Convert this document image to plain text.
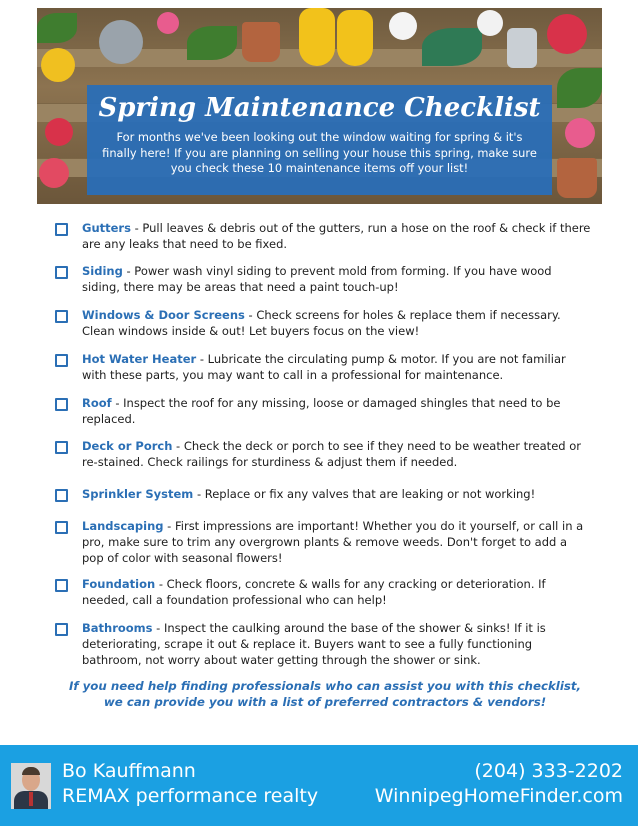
Spring Maintenance Checklist
For months we've been looking out the window waiting for spring & it's finally here! If you are planning on selling your house this spring, make sure you check these 10 maintenance items off your list!
Gutters - Pull leaves & debris out of the gutters, run a hose on the roof & check if there are any leaks that need to be fixed.
Siding - Power wash vinyl siding to prevent mold from forming. If you have wood siding, there may be areas that need a paint touch-up!
Windows & Door Screens - Check screens for holes & replace them if necessary. Clean windows inside & out! Let buyers focus on the view!
Hot Water Heater - Lubricate the circulating pump & motor. If you are not familiar with these parts, you may want to call in a professional for maintenance.
Roof - Inspect the roof for any missing, loose or damaged shingles that need to be replaced.
Deck or Porch - Check the deck or porch to see if they need to be weather treated or re-stained. Check railings for sturdiness & adjust them if needed.
Sprinkler System - Replace or fix any valves that are leaking or not working!
Landscaping - First impressions are important! Whether you do it yourself, or call in a pro, make sure to trim any overgrown plants & remove weeds. Don't forget to add a pop of color with seasonal flowers!
Foundation - Check floors, concrete & walls for any cracking or deterioration. If needed, call a foundation professional who can help!
Bathrooms - Inspect the caulking around the base of the shower & sinks! If it is deteriorating, scrape it out & replace it. Buyers want to see a fully functioning bathroom, not worry about water getting through the shower or sink.
If you need help finding professionals who can assist you with this checklist,
we can provide you with a list of preferred contractors & vendors!
Bo Kauffmann
REMAX performance realty
(204) 333-2202
WinnipegHomeFinder.com
